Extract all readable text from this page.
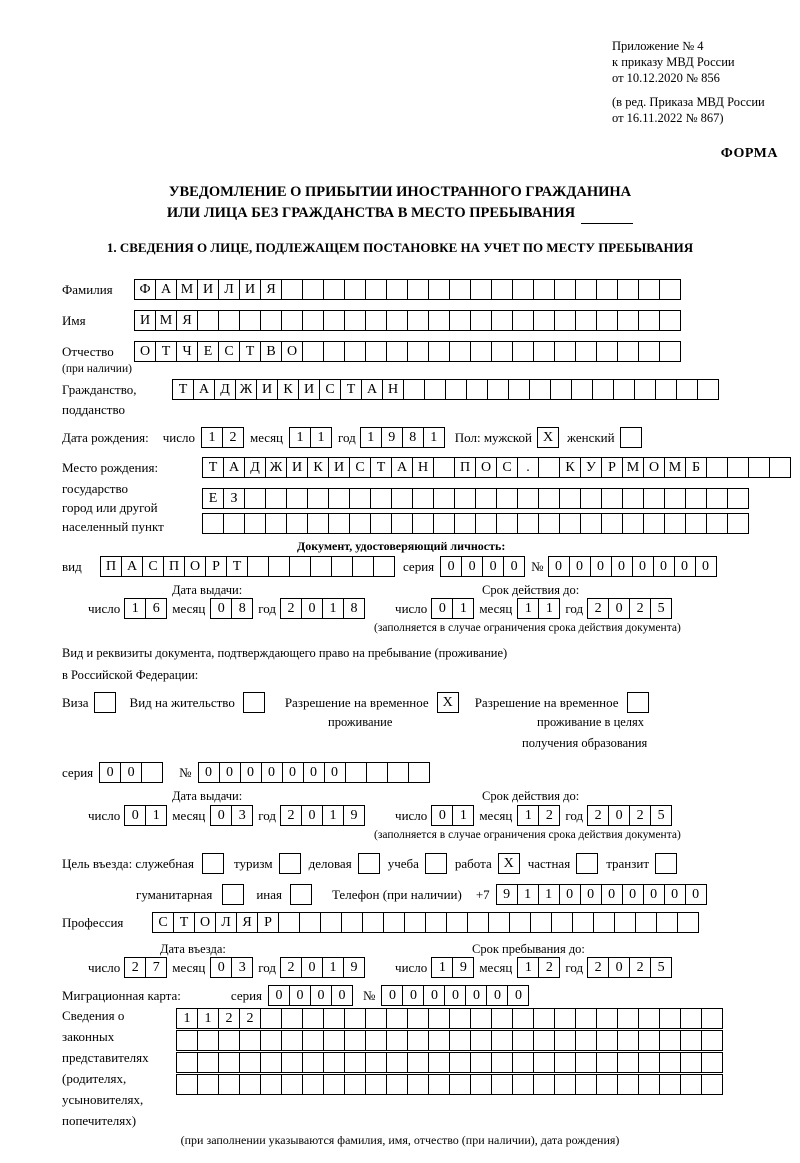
Приложение № 4
к приказу МВД России
от 10.12.2020 № 856
(в ред. Приказа МВД России
от 16.11.2022 № 867)
ФОРМА
УВЕДОМЛЕНИЕ О ПРИБЫТИИ ИНОСТРАННОГО ГРАЖДАНИНА
ИЛИ ЛИЦА БЕЗ ГРАЖДАНСТВА В МЕСТО ПРЕБЫВАНИЯ
1. СВЕДЕНИЯ О ЛИЦЕ, ПОДЛЕЖАЩЕМ ПОСТАНОВКЕ НА УЧЕТ ПО МЕСТУ ПРЕБЫВАНИЯ
Фамилия	Ф А М И Л И Я
Имя	И М Я
Отчество	О Т Ч Е С Т В О
(при наличии)
Гражданство,	Т А Д Ж И К И С Т А Н
подданство
Дата рождения: число 1	2	месяц 1	1	год 1	9	8	1	Пол: мужской X	женский
Место рождения:	Т А Д Ж И К И С Т А Н	П О С	.	К У Р М О М Б
государство
Е З
город или другой
населенный пункт
Документ, удостоверяющий личность:
вид	П А С П О Р Т	серия 0	0	0	0	№ 0	0	0	0	0	0	0	0
Дата выдачи:	Срок действия до:
число 1	6 месяц 0	8 год 2	0	1	8	число 0	1 месяц 1	1 год 2	0	2	5
(заполняется в случае ограничения срока действия документа)
Вид и реквизиты документа, подтверждающего право на пребывание (проживание)
в Российской Федерации:
Виза	Вид на жительство	Разрешение на временное X	Разрешение на временное
проживание	проживание в целях
получения образования
серия 0	0	№ 0	0	0	0	0	0	0
Дата выдачи:	Срок действия до:
число 0	1 месяц 0	3 год 2	0	1	9	число 0	1 месяц 1	2 год 2	0	2	5
(заполняется в случае ограничения срока действия документа)
Цель въезда: служебная	туризм	деловая	учеба	работа X	частная	транзит
гуманитарная	иная	Телефон (при наличии) +7 9	1	1	0	0	0	0	0	0	0
Профессия	С Т О Л Я Р
Дата въезда:	Срок пребывания до:
число 2	7 месяц 0	3 год 2	0	1	9	число 1	9 месяц 1	2 год 2	0	2	5
Миграционная карта:	серия 0	0	0	0	№ 0	0	0	0	0	0	0
Сведения о
законных
представителях
(родителях,
усыновителях,
попечителях)
1	1	2	2
(при заполнении указываются фамилия, имя, отчество (при наличии), дата рождения)
